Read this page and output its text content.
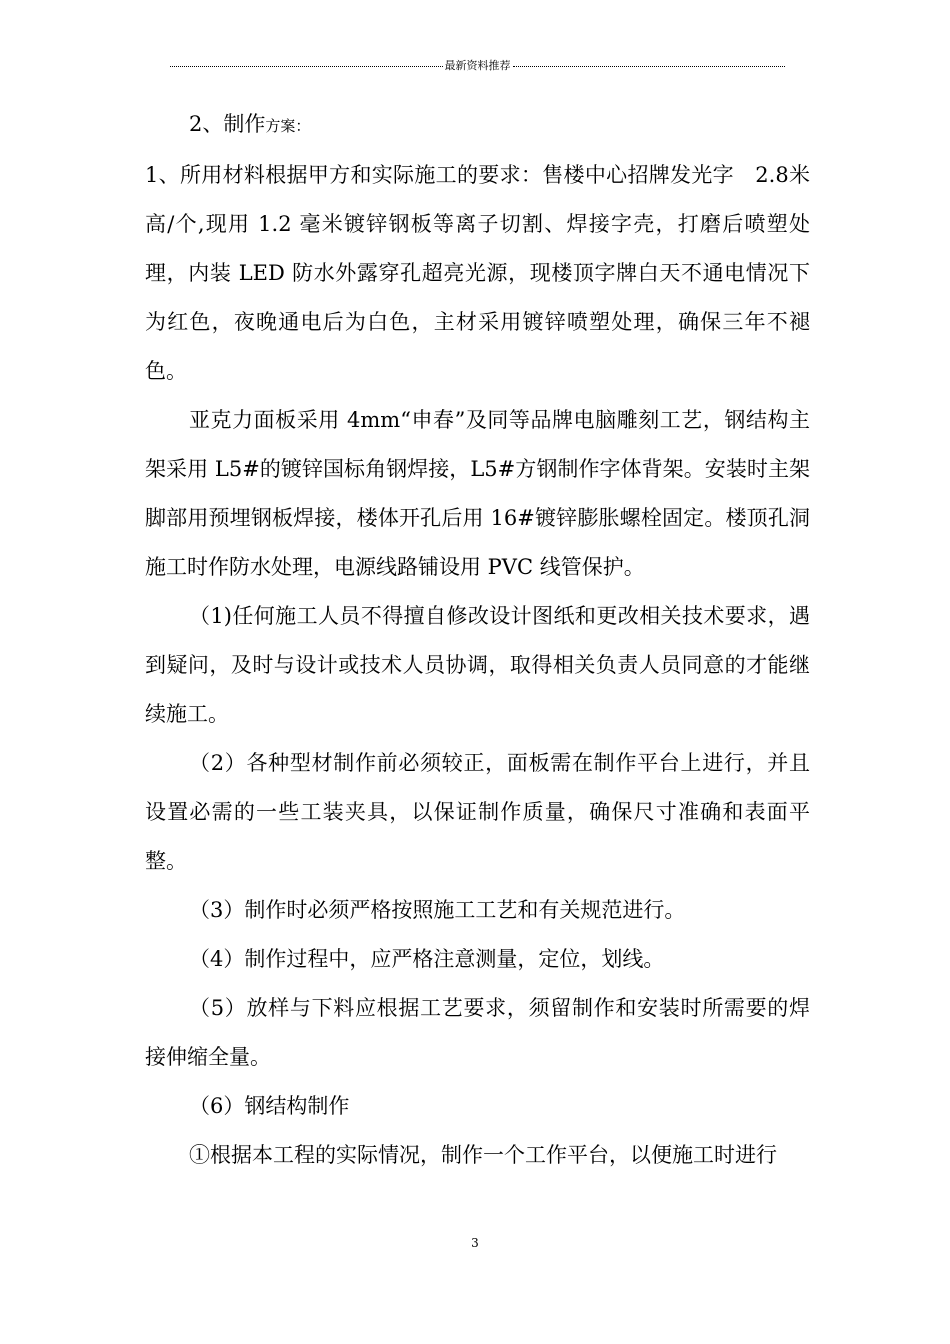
最新资料推荐

2、制作方案：

1、所用材料根据甲方和实际施工的要求：售楼中心招牌发光字　2.8米高/个,现用 1.2 毫米镀锌钢板等离子切割、焊接字壳，打磨后喷塑处理，内装 LED 防水外露穿孔超亮光源，现楼顶字牌白天不通电情况下为红色，夜晚通电后为白色，主材采用镀锌喷塑处理，确保三年不褪色。

亚克力面板采用 4mm“申春”及同等品牌电脑雕刻工艺，钢结构主架采用 L5#的镀锌国标角钢焊接，L5#方钢制作字体背架。安装时主架脚部用预埋钢板焊接，楼体开孔后用 16#镀锌膨胀螺栓固定。楼顶孔洞施工时作防水处理，电源线路铺设用 PVC 线管保护。

（1)任何施工人员不得擅自修改设计图纸和更改相关技术要求，遇到疑问，及时与设计或技术人员协调，取得相关负责人员同意的才能继续施工。

（2）各种型材制作前必须较正，面板需在制作平台上进行，并且设置必需的一些工装夹具，以保证制作质量，确保尺寸准确和表面平整。

（3）制作时必须严格按照施工工艺和有关规范进行。

（4）制作过程中，应严格注意测量，定位，划线。

（5）放样与下料应根据工艺要求，须留制作和安装时所需要的焊接伸缩全量。

（6）钢结构制作

①根据本工程的实际情况，制作一个工作平台，以便施工时进行

3
